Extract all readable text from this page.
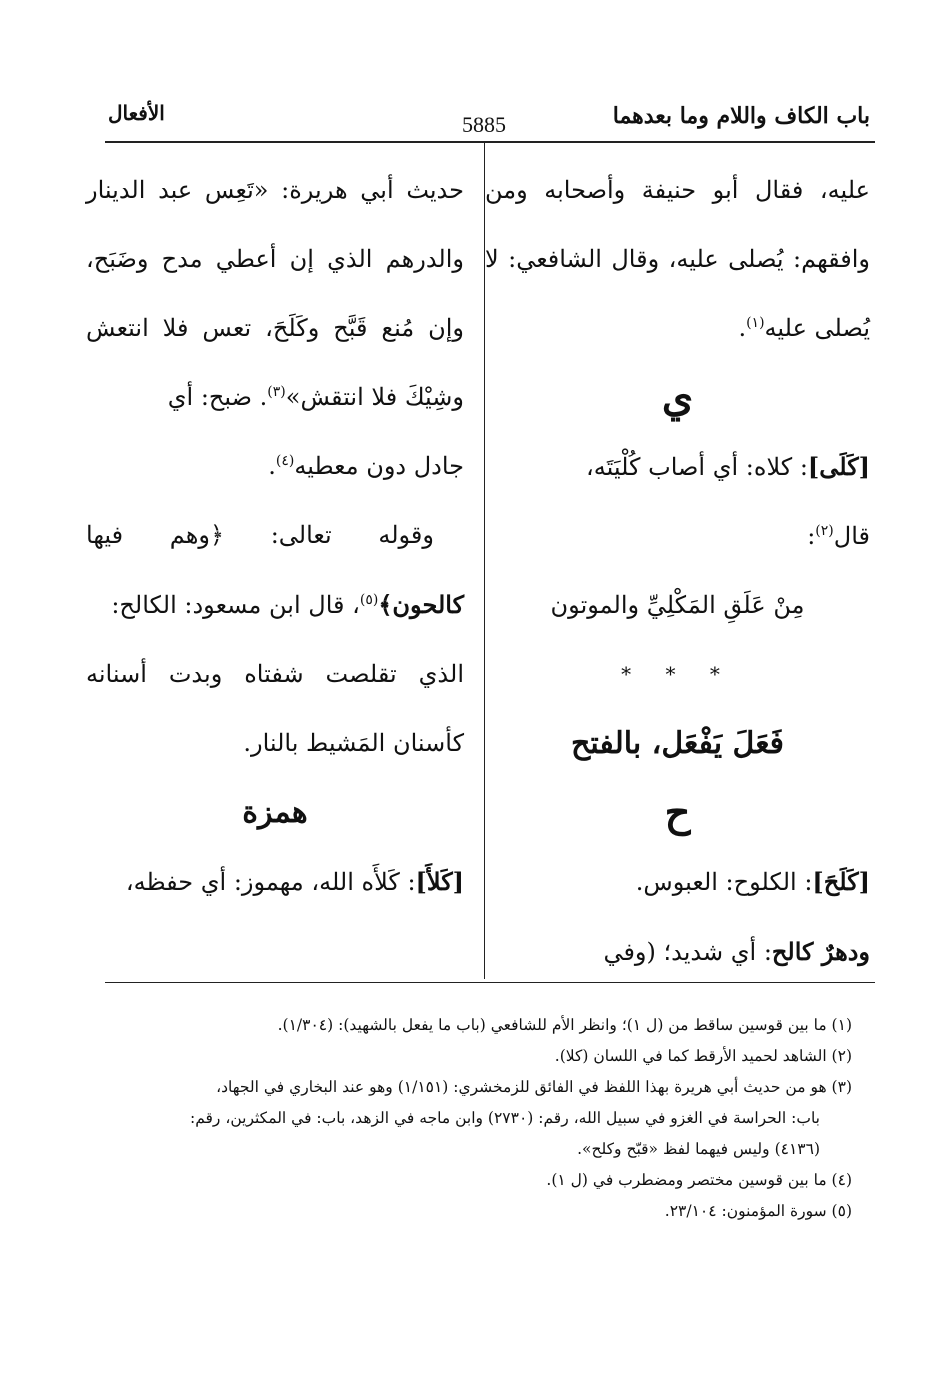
باب الكاف واللام وما بعدهما
5885
الأفعال

عليه، فقال أبو حنيفة وأصحابه ومن

وافقهم: يُصلى عليه، وقال الشافعي: لا

يُصلى عليه$^{(١)}$.

ي

[كَلَى]: كلاه: أي أصاب كُلْيَتَه،

قال$^{(٢)}$:

مِنْ عَلَقِ المَكْلِيِّ والموتون

* * *

فَعَلَ يَفْعَل، بالفتح

ح

[كَلَحَ]: الكلوح: العبوس.

ودهرٌ كالح: أي شديد؛ (وفي

حديث أبي هريرة: «تَعِس عبد الدينار

والدرهم الذي إن أعطي مدح وضَبَح،

وإن مُنع قَبَّح وكَلَحَ، تعس فلا انتعش

وشِيْكَ فلا انتقش»$^{(٣)}$. ضبح: أي

جادل دون معطيه$^{(٤)}$.

وقوله تعالى: ﴿وهم فيها

كالحون﴾$^{(٥)}$، قال ابن مسعود: الكالح:

الذي تقلصت شفتاه وبدت أسنانه

كأسنان المَشيط بالنار.

همزة

[كَلأَ]: كَلأَه الله، مهموز: أي حفظه،

(١) ما بين قوسين ساقط من (ل ١)؛ وانظر الأم للشافعي (باب ما يفعل بالشهيد): (١/٣٠٤).

(٢) الشاهد لحميد الأرقط كما في اللسان (كلا).

(٣) هو من حديث أبي هريرة بهذا اللفظ في الفائق للزمخشري: (١/١٥١) وهو عند البخاري في الجهاد،

باب: الحراسة في الغزو في سبيل الله، رقم: (٢٧٣٠) وابن ماجه في الزهد، باب: في المكثرين، رقم:

(٤١٣٦) وليس فيهما لفظ «قبّح وكلح».

(٤) ما بين قوسين مختصر ومضطرب في (ل ١).

(٥) سورة المؤمنون: ٢٣/١٠٤.
